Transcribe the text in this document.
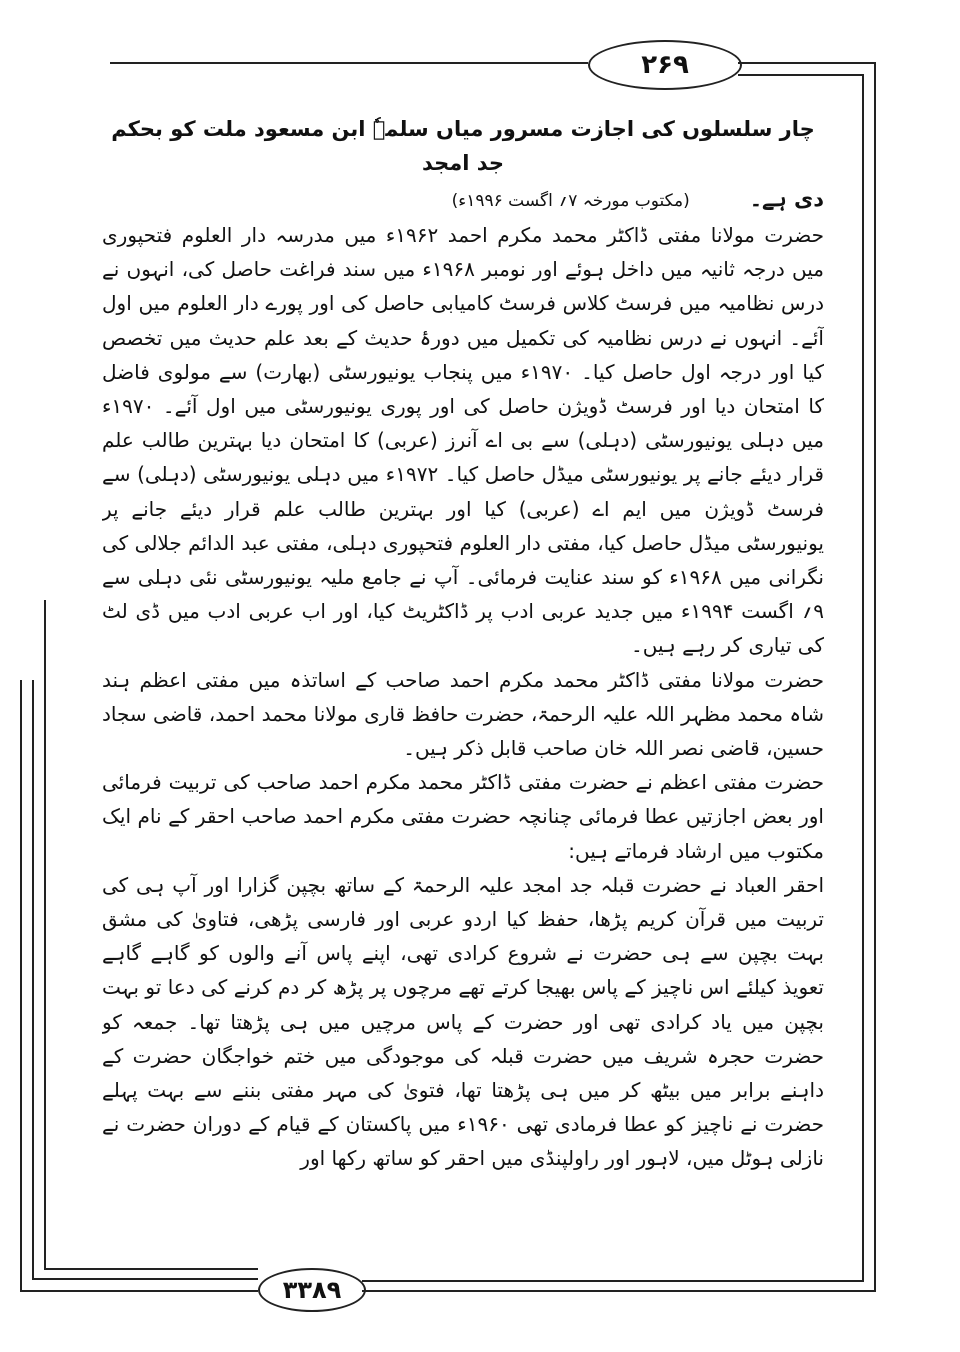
۲۶۹
۳۳۸۹

چار سلسلوں کی اجازت مسرور میاں سلمہٗ ابن مسعود ملت کو بحکم جد امجد

دی ہے۔
(مکتوب مورخہ ۷؍ اگست ۱۹۹۶ء)

حضرت مولانا مفتی ڈاکٹر محمد مکرم احمد ۱۹۶۲ء میں مدرسہ دار العلوم فتحپوری میں درجہ ثانیہ میں داخل ہوئے اور نومبر ۱۹۶۸ء میں سند فراغت حاصل کی، انہوں نے درس نظامیہ میں فرسٹ کلاس فرسٹ کامیابی حاصل کی اور پورے دار العلوم میں اول آئے۔ انہوں نے درس نظامیہ کی تکمیل میں دورۂ حدیث کے بعد علم حدیث میں تخصص کیا اور درجہ اول حاصل کیا۔ ۱۹۷۰ء میں پنجاب یونیورسٹی (بھارت) سے مولوی فاضل کا امتحان دیا اور فرسٹ ڈویژن حاصل کی اور پوری یونیورسٹی میں اول آئے۔ ۱۹۷۰ء میں دہلی یونیورسٹی (دہلی) سے بی اے آنرز (عربی) کا امتحان دیا بہترین طالب علم قرار دیئے جانے پر یونیورسٹی میڈل حاصل کیا۔ ۱۹۷۲ء میں دہلی یونیورسٹی (دہلی) سے فرسٹ ڈویژن میں ایم اے (عربی) کیا اور بہترین طالب علم قرار دیئے جانے پر یونیورسٹی میڈل حاصل کیا، مفتی دار العلوم فتحپوری دہلی، مفتی عبد الدائم جلالی کی نگرانی میں ۱۹۶۸ء کو سند عنایت فرمائی۔ آپ نے جامع ملیہ یونیورسٹی نئی دہلی سے ۹؍ اگست ۱۹۹۴ء میں جدید عربی ادب پر ڈاکٹریٹ کیا، اور اب عربی ادب میں ڈی لٹ کی تیاری کر رہے ہیں۔

حضرت مولانا مفتی ڈاکٹر محمد مکرم احمد صاحب کے اساتذہ میں مفتی اعظم ہند شاہ محمد مظہر اللہ علیہ الرحمۃ، حضرت حافظ قاری مولانا محمد احمد، قاضی سجاد حسین، قاضی نصر اللہ خان صاحب قابل ذکر ہیں۔

حضرت مفتی اعظم نے حضرت مفتی ڈاکٹر محمد مکرم احمد صاحب کی تربیت فرمائی اور بعض اجازتیں عطا فرمائی چنانچہ حضرت مفتی مکرم احمد صاحب احقر کے نام ایک مکتوب میں ارشاد فرماتے ہیں:

احقر العباد نے حضرت قبلہ جد امجد علیہ الرحمۃ کے ساتھ بچپن گزارا اور آپ ہی کی تربیت میں قرآن کریم پڑھا، حفظ کیا اردو عربی اور فارسی پڑھی، فتاویٰ کی مشق بہت بچپن سے ہی حضرت نے شروع کرادی تھی، اپنے پاس آنے والوں کو گاہے گاہے تعویذ کیلئے اس ناچیز کے پاس بھیجا کرتے تھے مرچوں پر پڑھ کر دم کرنے کی دعا تو بہت بچپن میں یاد کرادی تھی اور حضرت کے پاس مرچیں میں ہی پڑھتا تھا۔ جمعہ کو حضرت حجرہ شریف میں حضرت قبلہ کی موجودگی میں ختم خواجگان حضرت کے داہنے برابر میں بیٹھ کر میں ہی پڑھتا تھا، فتویٰ کی مہر مفتی بننے سے بہت پہلے حضرت نے ناچیز کو عطا فرمادی تھی ۱۹۶۰ء میں پاکستان کے قیام کے دوران حضرت نے نازلی ہوٹل میں، لاہور اور راولپنڈی میں احقر کو ساتھ رکھا اور
